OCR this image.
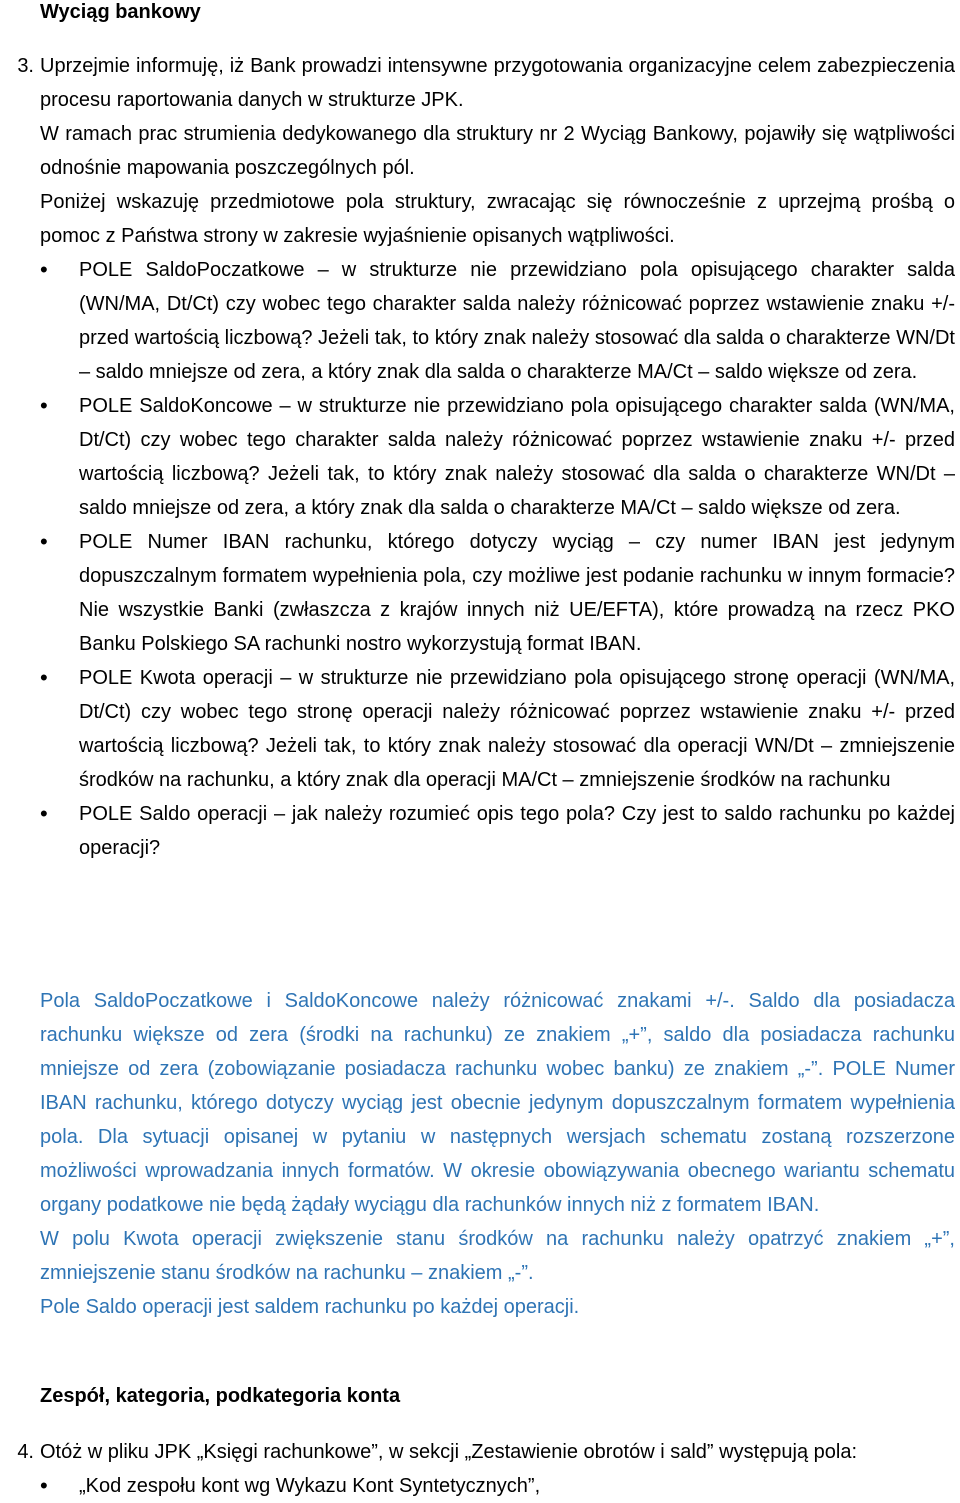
Wyciąg bankowy
3. Uprzejmie informuję, iż Bank prowadzi intensywne przygotowania organizacyjne celem zabezpieczenia procesu raportowania danych w strukturze JPK.

W ramach prac strumienia dedykowanego dla struktury nr 2 Wyciąg Bankowy, pojawiły się wątpliwości odnośnie mapowania poszczególnych pól.

Poniżej wskazuję przedmiotowe pola struktury, zwracając się równocześnie z uprzejmą prośbą o pomoc z Państwa strony w zakresie wyjaśnienie opisanych wątpliwości.

• POLE SaldoPoczatkowe – w strukturze nie przewidziano pola opisującego charakter salda (WN/MA, Dt/Ct) czy wobec tego charakter salda należy różnicować poprzez wstawienie znaku +/- przed wartością liczbową? Jeżeli tak, to który znak należy stosować dla salda o charakterze WN/Dt – saldo mniejsze od zera, a który znak dla salda o charakterze MA/Ct – saldo większe od zera.
• POLE SaldoKoncowe – w strukturze nie przewidziano pola opisującego charakter salda (WN/MA, Dt/Ct) czy wobec tego charakter salda należy różnicować poprzez wstawienie znaku +/- przed wartością liczbową? Jeżeli tak, to który znak należy stosować dla salda o charakterze WN/Dt – saldo mniejsze od zera, a który znak dla salda o charakterze MA/Ct – saldo większe od zera.
• POLE Numer IBAN rachunku, którego dotyczy wyciąg – czy numer IBAN jest jedynym dopuszczalnym formatem wypełnienia pola, czy możliwe jest podanie rachunku w innym formacie? Nie wszystkie Banki (zwłaszcza z krajów innych niż UE/EFTA), które prowadzą na rzecz PKO Banku Polskiego SA rachunki nostro wykorzystują format IBAN.
• POLE Kwota operacji – w strukturze nie przewidziano pola opisującego stronę operacji (WN/MA, Dt/Ct) czy wobec tego stronę operacji należy różnicować poprzez wstawienie znaku +/- przed wartością liczbową? Jeżeli tak, to który znak należy stosować dla operacji WN/Dt – zmniejszenie środków na rachunku, a który znak dla operacji MA/Ct – zmniejszenie środków na rachunku
• POLE Saldo operacji – jak należy rozumieć opis tego pola? Czy jest to saldo rachunku po każdej operacji?

Pola SaldoPoczatkowe i SaldoKoncowe należy różnicować znakami +/-. Saldo dla posiadacza rachunku większe od zera (środki na rachunku) ze znakiem „+”, saldo dla posiadacza rachunku mniejsze od zera (zobowiązanie posiadacza rachunku wobec banku) ze znakiem „-”. POLE Numer IBAN rachunku, którego dotyczy wyciąg jest obecnie jedynym dopuszczalnym formatem wypełnienia pola. Dla sytuacji opisanej w pytaniu w następnych wersjach schematu zostaną rozszerzone możliwości wprowadzania innych formatów. W okresie obowiązywania obecnego wariantu schematu organy podatkowe nie będą żądały wyciągu dla rachunków innych niż z formatem IBAN.

W polu Kwota operacji zwiększenie stanu środków na rachunku należy opatrzyć znakiem „+”, zmniejszenie stanu środków na rachunku – znakiem „-”.

Pole Saldo operacji jest saldem rachunku po każdej operacji.

Zespół, kategoria, podkategoria konta
4. Otóż w pliku JPK „Księgi rachunkowe”, w sekcji „Zestawienie obrotów i sald” występują pola:
• „Kod zespołu kont wg Wykazu Kont Syntetycznych”,
